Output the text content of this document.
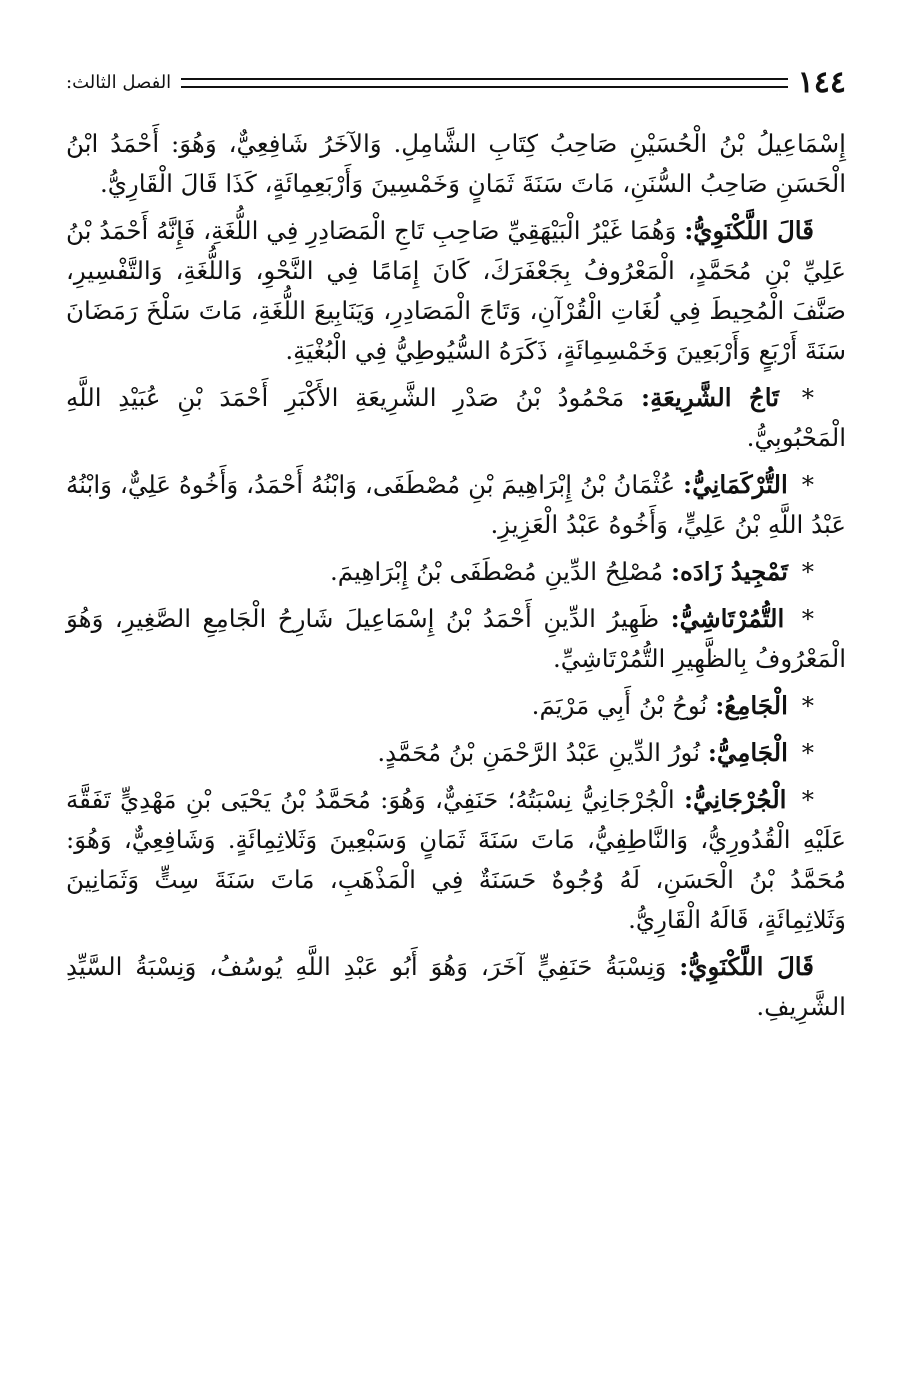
١٤٤
الفصل الثالث:

إِسْمَاعِيلُ بْنُ الْحُسَيْنِ صَاحِبُ كِتَابِ الشَّامِلِ. وَالآخَرُ شَافِعِيٌّ، وَهُوَ: أَحْمَدُ ابْنُ الْحَسَنِ صَاحِبُ السُّنَنِ، مَاتَ سَنَةَ ثَمَانٍ وَخَمْسِينَ وَأَرْبَعِمِائَةٍ، كَذَا قَالَ الْقَارِيُّ.

قَالَ اللَّكْنَوِيُّ: وَهُمَا غَيْرُ الْبَيْهَقِيِّ صَاحِبِ تَاجِ الْمَصَادِرِ فِي اللُّغَةِ، فَإِنَّهُ أَحْمَدُ بْنُ عَلِيِّ بْنِ مُحَمَّدٍ، الْمَعْرُوفُ بِجَعْفَرَكَ، كَانَ إِمَامًا فِي النَّحْوِ، وَاللُّغَةِ، وَالتَّفْسِيرِ، صَنَّفَ الْمُحِيطَ فِي لُغَاتِ الْقُرْآنِ، وَتَاجَ الْمَصَادِرِ، وَيَنَابِيعَ اللُّغَةِ، مَاتَ سَلْخَ رَمَضَانَ سَنَةَ أَرْبَعٍ وَأَرْبَعِينَ وَخَمْسِمِائَةٍ، ذَكَرَهُ السُّيُوطِيُّ فِي الْبُغْيَةِ.

* تَاجُ الشَّرِيعَةِ: مَحْمُودُ بْنُ صَدْرِ الشَّرِيعَةِ الأَكْبَرِ أَحْمَدَ بْنِ عُبَيْدِ اللَّهِ الْمَحْبُوبِيُّ.

* التُّرْكَمَانِيُّ: عُثْمَانُ بْنُ إِبْرَاهِيمَ بْنِ مُصْطَفَى، وَابْنُهُ أَحْمَدُ، وَأَخُوهُ عَلِيٌّ، وَابْنُهُ عَبْدُ اللَّهِ بْنُ عَلِيٍّ، وَأَخُوهُ عَبْدُ الْعَزِيزِ.

* تَمْجِيدُ زَادَه: مُصْلِحُ الدِّينِ مُصْطَفَى بْنُ إِبْرَاهِيمَ.

* التُّمُرْتَاشِيُّ: ظَهِيرُ الدِّينِ أَحْمَدُ بْنُ إِسْمَاعِيلَ شَارِحُ الْجَامِعِ الصَّغِيرِ، وَهُوَ الْمَعْرُوفُ بِالظَّهِيرِ التُّمُرْتَاشِيِّ.

* الْجَامِعُ: نُوحُ بْنُ أَبِي مَرْيَمَ.

* الْجَامِيُّ: نُورُ الدِّينِ عَبْدُ الرَّحْمَنِ بْنُ مُحَمَّدٍ.

* الْجُرْجَانِيُّ: الْجُرْجَانِيُّ نِسْبَتُهُ؛ حَنَفِيٌّ، وَهُوَ: مُحَمَّدُ بْنُ يَحْيَى بْنِ مَهْدِيٍّ تَفَقَّهَ عَلَيْهِ الْقُدُورِيُّ، وَالنَّاطِفِيُّ، مَاتَ سَنَةَ ثَمَانٍ وَسَبْعِينَ وَثَلاثِمِائَةٍ. وَشَافِعِيٌّ، وَهُوَ: مُحَمَّدُ بْنُ الْحَسَنِ، لَهُ وُجُوهٌ حَسَنَةٌ فِي الْمَذْهَبِ، مَاتَ سَنَةَ سِتٍّ وَثَمَانِينَ وَثَلاثِمِائَةٍ، قَالَهُ الْقَارِيُّ.

قَالَ اللَّكْنَوِيُّ: وَنِسْبَةُ حَنَفِيٍّ آخَرَ، وَهُوَ أَبُو عَبْدِ اللَّهِ يُوسُفُ، وَنِسْبَةُ السَّيِّدِ الشَّرِيفِ.
